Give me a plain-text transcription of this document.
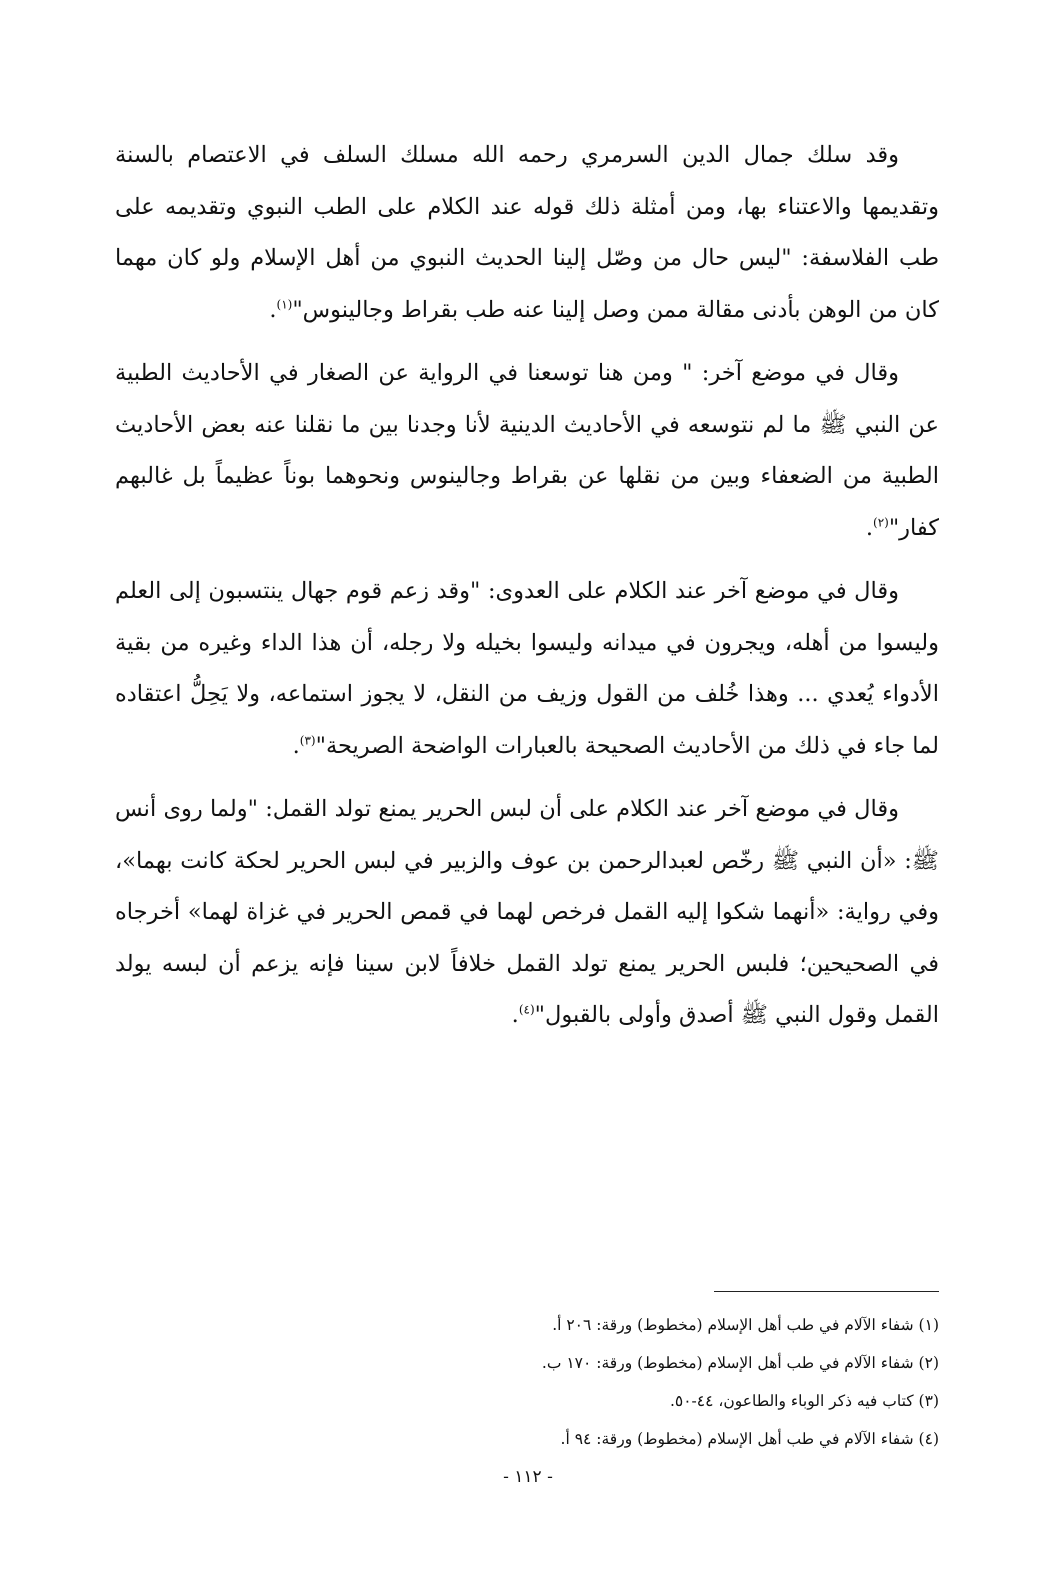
وقد سلك جمال الدين السرمري رحمه الله مسلك السلف في الاعتصام بالسنة وتقديمها والاعتناء بها، ومن أمثلة ذلك قوله عند الكلام على الطب النبوي وتقديمه على طب الفلاسفة: "ليس حال من وصّل إلينا الحديث النبوي من أهل الإسلام ولو كان مهما كان من الوهن بأدنى مقالة ممن وصل إلينا عنه طب بقراط وجالينوس"$^{(١)}$.

وقال في موضع آخر: " ومن هنا توسعنا في الرواية عن الصغار في الأحاديث الطبية عن النبي ﷺ ما لم نتوسعه في الأحاديث الدينية لأنا وجدنا بين ما نقلنا عنه بعض الأحاديث الطبية من الضعفاء وبين من نقلها عن بقراط وجالينوس ونحوهما بوناً عظيماً بل غالبهم كفار"$^{(٢)}$.

وقال في موضع آخر عند الكلام على العدوى: "وقد زعم قوم جهال ينتسبون إلى العلم وليسوا من أهله، ويجرون في ميدانه وليسوا بخيله ولا رجله، أن هذا الداء وغيره من بقية الأدواء يُعدي ... وهذا خُلف من القول وزيف من النقل، لا يجوز استماعه، ولا يَحِلُّ اعتقاده لما جاء في ذلك من الأحاديث الصحيحة بالعبارات الواضحة الصريحة"$^{(٣)}$.

وقال في موضع آخر عند الكلام على أن لبس الحرير يمنع تولد القمل: "ولما روى أنس ﷺ: «أن النبي ﷺ رخّص لعبدالرحمن بن عوف والزبير في لبس الحرير لحكة كانت بهما»، وفي رواية: «أنهما شكوا إليه القمل فرخص لهما في قمص الحرير في غزاة لهما» أخرجاه في الصحيحين؛ فلبس الحرير يمنع تولد القمل خلافاً لابن سينا فإنه يزعم أن لبسه يولد القمل وقول النبي ﷺ أصدق وأولى بالقبول"$^{(٤)}$.

(١) شفاء الآلام في طب أهل الإسلام (مخطوط) ورقة: ٢٠٦ أ.
(٢) شفاء الآلام في طب أهل الإسلام (مخطوط) ورقة: ١٧٠ ب.
(٣) كتاب فيه ذكر الوباء والطاعون، ٤٤-٥٠.
(٤) شفاء الآلام في طب أهل الإسلام (مخطوط) ورقة: ٩٤ أ.
- ١١٢ -
